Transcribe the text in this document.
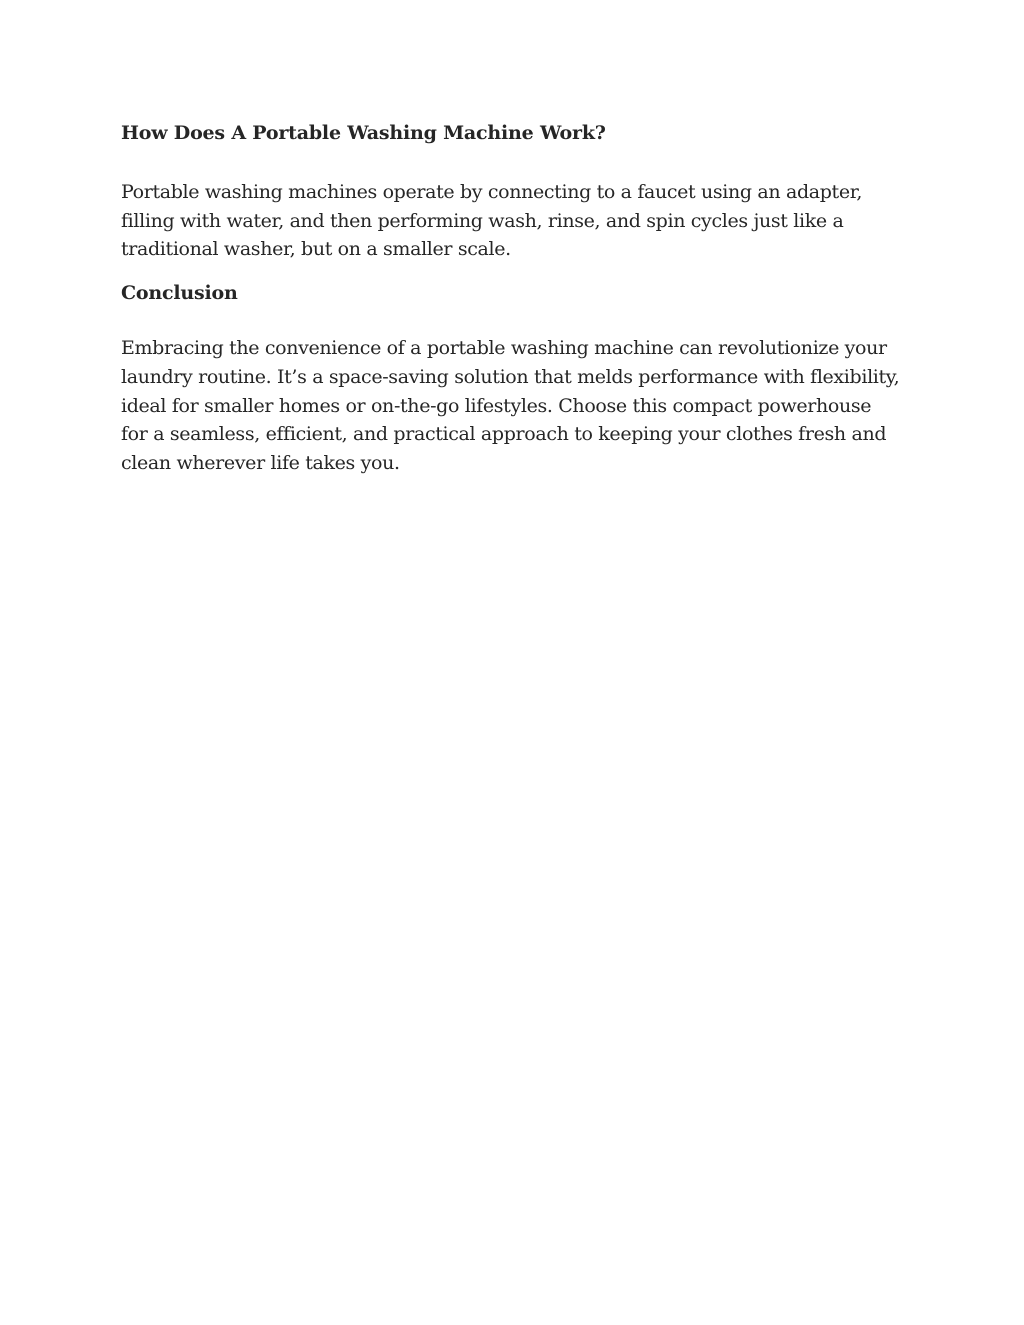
How Does A Portable Washing Machine Work?

Portable washing machines operate by connecting to a faucet using an adapter, filling with water, and then performing wash, rinse, and spin cycles just like a traditional washer, but on a smaller scale.

Conclusion

Embracing the convenience of a portable washing machine can revolutionize your laundry routine. It’s a space-saving solution that melds performance with flexibility, ideal for smaller homes or on-the-go lifestyles. Choose this compact powerhouse for a seamless, efficient, and practical approach to keeping your clothes fresh and clean wherever life takes you.
